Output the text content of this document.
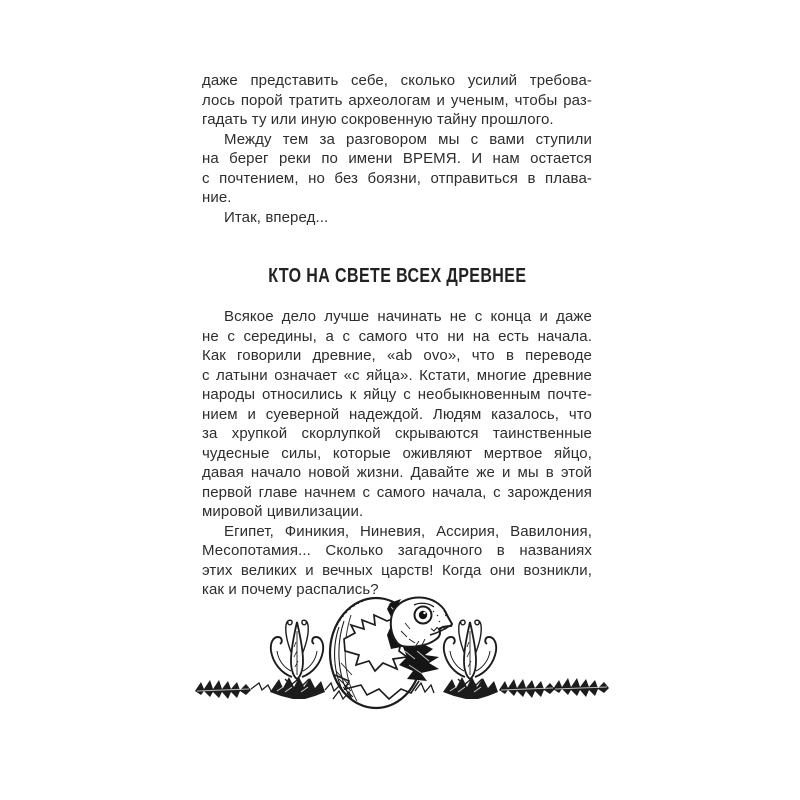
даже представить себе, сколько усилий требова-
лось порой тратить археологам и ученым, чтобы раз-
гадать ту или иную сокровенную тайну прошлого.
Между тем за разговором мы с вами ступили
на берег реки по имени ВРЕМЯ. И нам остается
с почтением, но без боязни, отправиться в плава-
ние.
Итак, вперед...
КТО НА СВЕТЕ ВСЕХ ДРЕВНЕЕ
Всякое дело лучше начинать не с конца и даже
не с середины, а с самого что ни на есть начала.
Как говорили древние, «ab ovo», что в переводе
с латыни означает «с яйца». Кстати, многие древние
народы относились к яйцу с необыкновенным почте-
нием и суеверной надеждой. Людям казалось, что
за хрупкой скорлупкой скрываются таинственные
чудесные силы, которые оживляют мертвое яйцо,
давая начало новой жизни. Давайте же и мы в этой
первой главе начнем с самого начала, с зарождения
мировой цивилизации.
Египет, Финикия, Ниневия, Ассирия, Вавилония,
Месопотамия... Сколько загадочного в названиях
этих великих и вечных царств! Когда они возникли,
как и почему распались?
